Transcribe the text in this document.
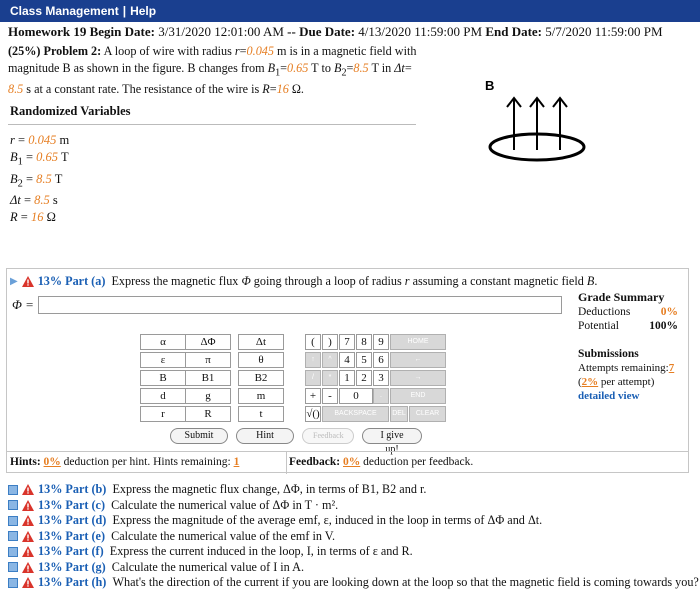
Class Management | Help
Homework 19 Begin Date: 3/31/2020 12:01:00 AM -- Due Date: 4/13/2020 11:59:00 PM End Date: 5/7/2020 11:59:00 PM
(25%) Problem 2: A loop of wire with radius r=0.045 m is in a magnetic field with magnitude B as shown in the figure. B changes from $B_1=0.65$ T to $B_2=8.5$ T in Δt= 8.5 s at a constant rate. The resistance of the wire is R=16 Ω.
Randomized Variables
r = 0.045 m
$B_1 = 0.65$ T
$B_2 = 8.5$ T
Δt = 8.5 s
R = 16 Ω
B
▶ 13%
Part (a)
Express the magnetic flux
Φ
going through a loop of radius
r
assuming a constant magnetic field
B .
Φ =
α	ΔΦ	Δt
ε	π	θ
B	B1	B2
d	g	m
r	R	t
(	)	7	8	9	HOME
↑	^	4	5	6	←
/	*	1	2	3	→
+	-	0	.	END
√()	BACKSPACE	DEL	CLEAR
Submit	Hint	Feedback	I give up!
Hints: 0% deduction per hint. Hints remaining: 1	Feedback: 0% deduction per feedback.
Grade Summary
Deductions	0%
Potential	100%
Submissions
Attempts remaining:7
(2% per attempt)
detailed view
13%
Part (b)
Express the magnetic flux change, ΔΦ, in terms of B1, B2 and r.
13%
Part (c)
Calculate the numerical value of ΔΦ in T · m².
13%
Part (d)
Express the magnitude of the average emf, ε, induced in the loop in terms of ΔΦ and Δt.
13%
Part (e)
Calculate the numerical value of the emf in V.
13%
Part (f)
Express the current induced in the loop, I, in terms of ε and R.
13%
Part (g)
Calculate the numerical value of I in A.
13%
Part (h)
What's the direction of the current if you are looking down at the loop so that the magnetic field is coming towards you?
